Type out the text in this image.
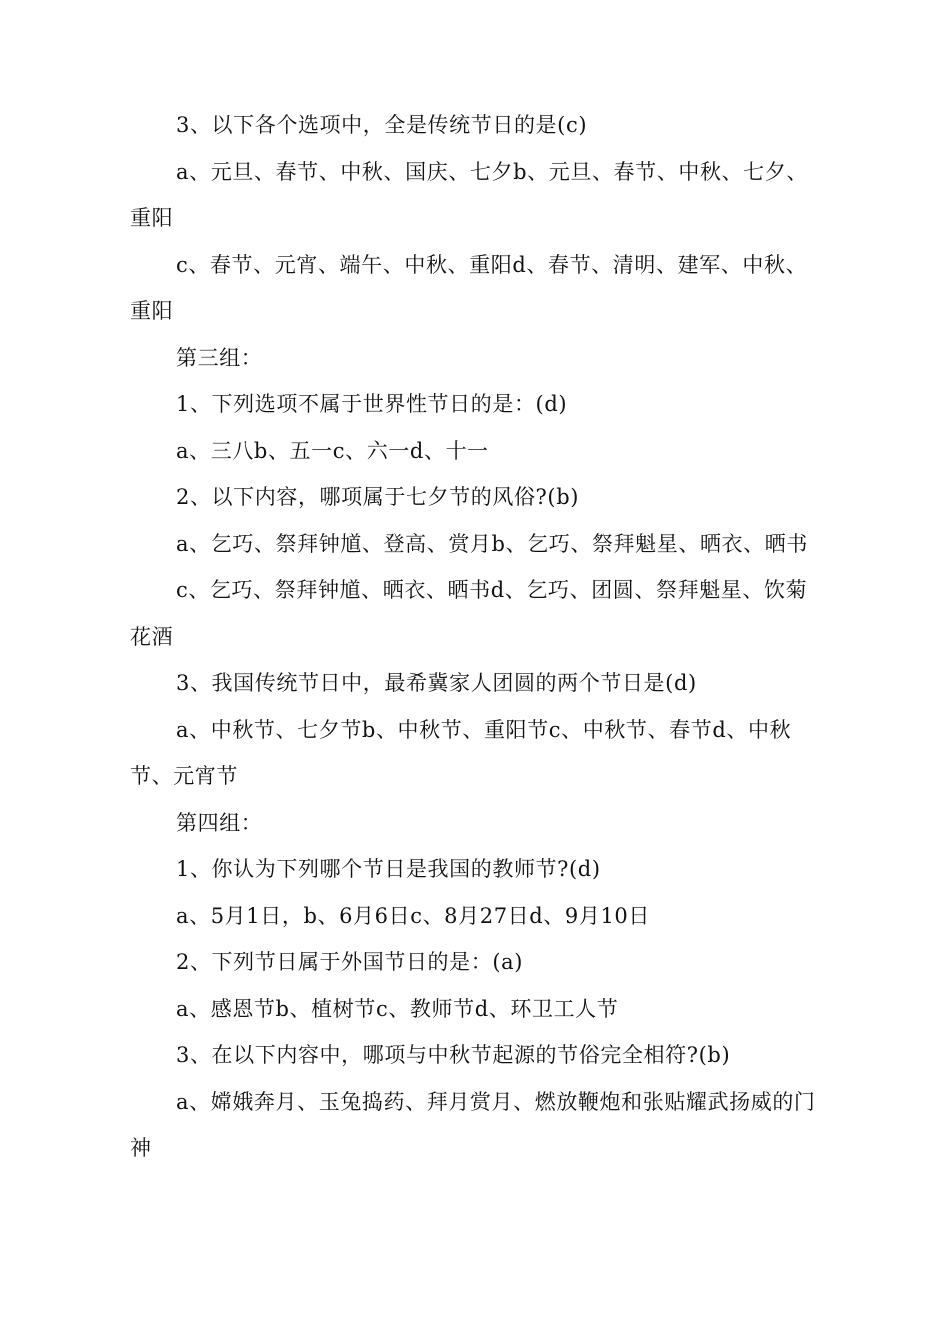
3、以下各个选项中，全是传统节日的是(c)

a、元旦、春节、中秋、国庆、七夕b、元旦、春节、中秋、七夕、重阳

c、春节、元宵、端午、中秋、重阳d、春节、清明、建军、中秋、重阳

第三组：

1、下列选项不属于世界性节日的是：(d)

a、三八b、五一c、六一d、十一

2、以下内容，哪项属于七夕节的风俗?(b)

a、乞巧、祭拜钟馗、登高、赏月b、乞巧、祭拜魁星、晒衣、晒书

c、乞巧、祭拜钟馗、晒衣、晒书d、乞巧、团圆、祭拜魁星、饮菊花酒

3、我国传统节日中，最希冀家人团圆的两个节日是(d)

a、中秋节、七夕节b、中秋节、重阳节c、中秋节、春节d、中秋节、元宵节

第四组：

1、你认为下列哪个节日是我国的教师节?(d)

a、5月1日，b、6月6日c、8月27日d、9月10日

2、下列节日属于外国节日的是：(a)

a、感恩节b、植树节c、教师节d、环卫工人节

3、在以下内容中，哪项与中秋节起源的节俗完全相符?(b)

a、嫦娥奔月、玉兔捣药、拜月赏月、燃放鞭炮和张贴耀武扬威的门神
